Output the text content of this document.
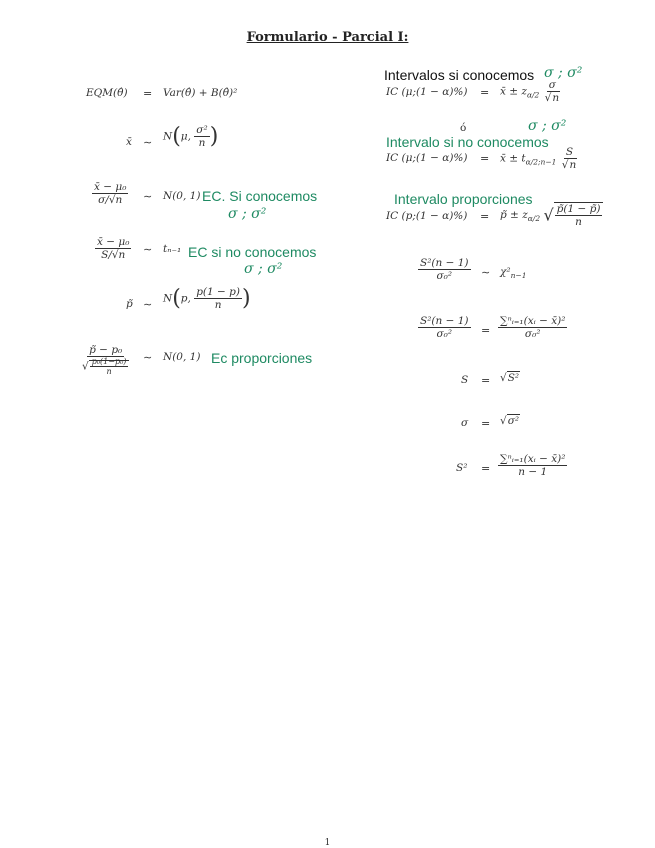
Formulario - Parcial I:
EQM(θ̂) = Var(θ̂) + B(θ̂)²
x̄ ∼ N(μ, $\frac{\text{σ²}}{n}$ )
$\frac{\text{x̄ − μ₀}}{\sigma/√n}$ ∼ N(0, 1) EC. Si conocemos
σ ; σ²
$\frac{\text{x̄ − μ₀}}{S/√n}$ ∼ tₙ₋₁ EC si no conocemos
σ ; σ²
p̃ ∼ N(p, $\frac{p(1 - p)}{n}$ )
$\frac{\text{p̃ − p₀}}{√ \frac{\text{p₀(1−p₀)}}{n}}$ ∼ N(0, 1) Ec proporciones
Intervalos si conocemos σ ; σ²
IC (μ;(1 − α)%) = x̄ ± $z_{\alpha/2} \frac{\sigma}{√n}$
ó	σ ; σ²
Intervalo si no conocemos
IC (μ;(1 − α)%) = x̄ ± $t_{\alpha/2;n-1} \frac{S}{√n}$
Intervalo proporciones
IC (p;(1 − α)%) = p̃ ± $z_{\alpha/2}$ √ $\frac{p̃(1 - p̃)}{n}$
$\frac{\text{S²(n − 1)}}{\text{σ₀²}}$ ∼ $\chi^2_{n-1}$
$\frac{\text{S²(n − 1)}}{\text{σ₀²}} = \frac{\text{∑ⁿᵢ₌₁(xᵢ − x̄)²}}{\text{σ₀²}}$
S = √S²
σ = √σ²
$S^2 = \frac{\text{∑ⁿᵢ₌₁(xᵢ − x̄)²}}{n - 1}$
1
